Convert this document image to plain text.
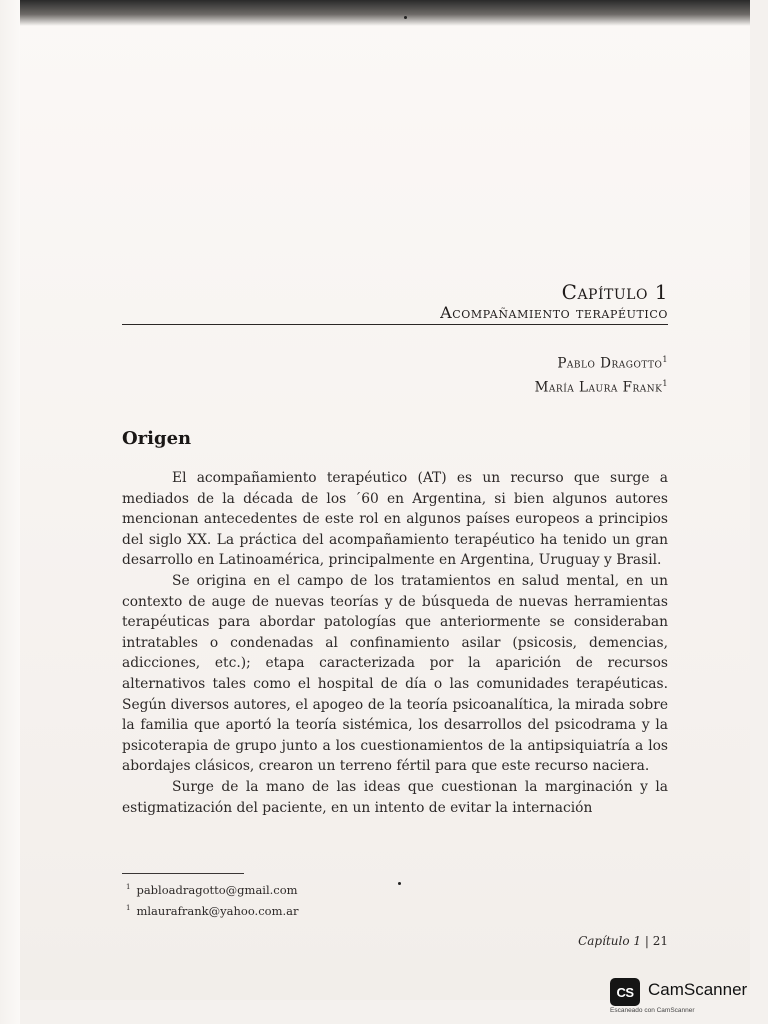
Capítulo 1
Acompañamiento terapéutico
Pablo Dragotto$^1$
María Laura Frank$^1$
Origen

El acompañamiento terapéutico (AT) es un recurso que surge a mediados de la década de los ´60 en Argentina, si bien algunos autores mencionan antecedentes de este rol en algunos países europeos a principios del siglo XX. La práctica del acompañamiento terapéutico ha tenido un gran desarrollo en Latinoamérica, principalmente en Argentina, Uruguay y Brasil.

Se origina en el campo de los tratamientos en salud mental, en un contexto de auge de nuevas teorías y de búsqueda de nuevas herramientas terapéuticas para abordar patologías que anteriormente se consideraban intratables o condenadas al confinamiento asilar (psicosis, demencias, adicciones, etc.); etapa caracterizada por la aparición de recursos alternativos tales como el hospital de día o las comunidades terapéuticas. Según diversos autores, el apogeo de la teoría psicoanalítica, la mirada sobre la familia que aportó la teoría sistémica, los desarrollos del psicodrama y la psicoterapia de grupo junto a los cuestionamientos de la antipsiquiatría a los abordajes clásicos, crearon un terreno fértil para que este recurso naciera.

Surge de la mano de las ideas que cuestionan la marginación y la estigmatización del paciente, en un intento de evitar la internación

$^1$ pabloadragotto@gmail.com
$^1$ mlaurafrank@yahoo.com.ar
Capítulo 1 | 21
CS CamScanner
Escaneado con CamScanner
